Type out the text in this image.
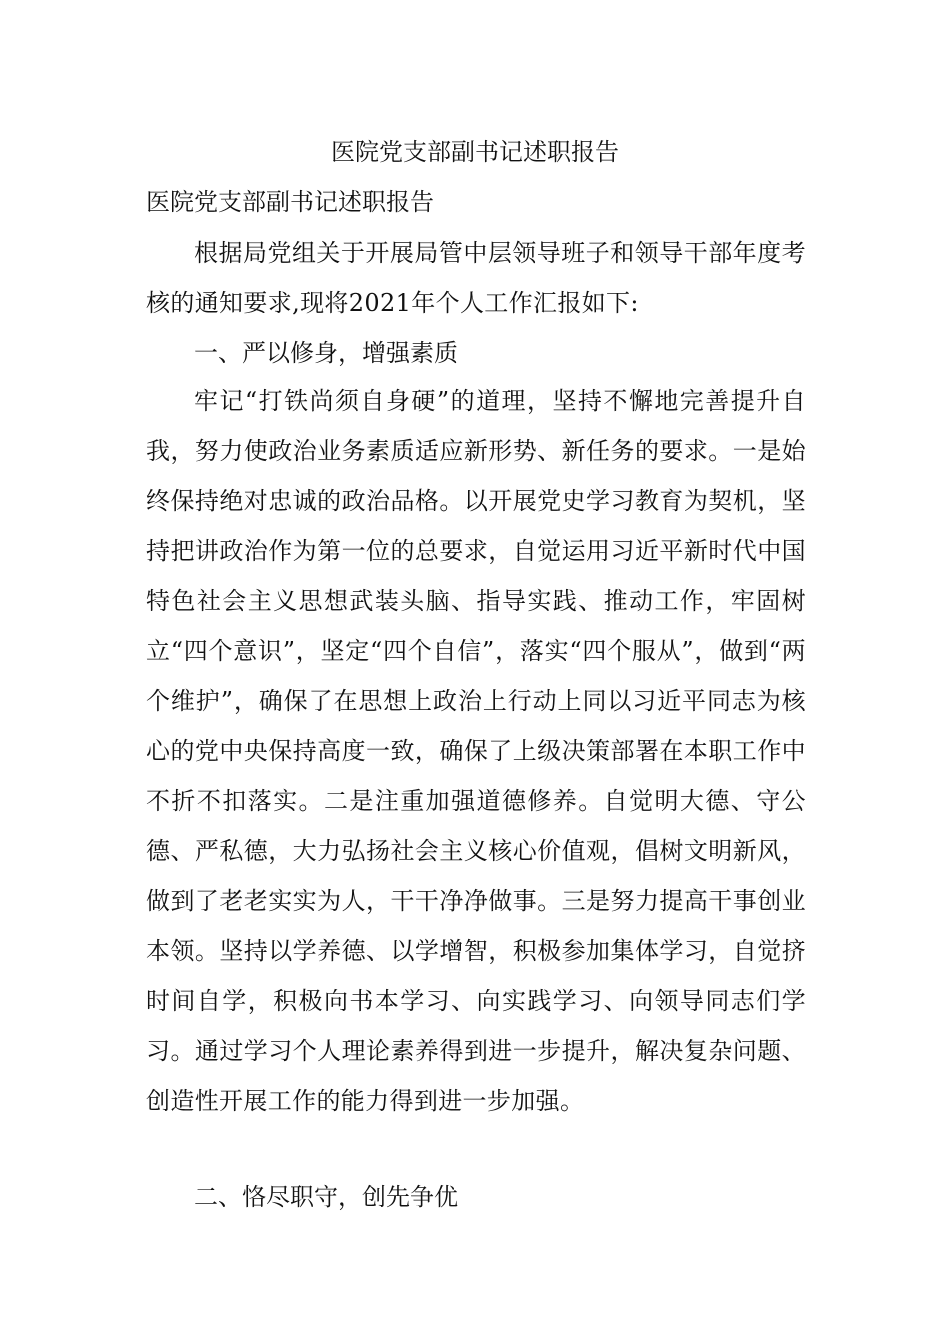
医院党支部副书记述职报告

医院党支部副书记述职报告

根据局党组关于开展局管中层领导班子和领导干部年度考核的通知要求,现将2021年个人工作汇报如下:

一、严以修身，增强素质

牢记“打铁尚须自身硬”的道理，坚持不懈地完善提升自我，努力使政治业务素质适应新形势、新任务的要求。一是始终保持绝对忠诚的政治品格。以开展党史学习教育为契机，坚持把讲政治作为第一位的总要求，自觉运用习近平新时代中国特色社会主义思想武装头脑、指导实践、推动工作，牢固树立“四个意识”，坚定“四个自信”，落实“四个服从”，做到“两个维护”，确保了在思想上政治上行动上同以习近平同志为核心的党中央保持高度一致，确保了上级决策部署在本职工作中不折不扣落实。二是注重加强道德修养。自觉明大德、守公德、严私德，大力弘扬社会主义核心价值观，倡树文明新风，做到了老老实实为人，干干净净做事。三是努力提高干事创业本领。坚持以学养德、以学增智，积极参加集体学习，自觉挤时间自学，积极向书本学习、向实践学习、向领导同志们学习。通过学习个人理论素养得到进一步提升，解决复杂问题、创造性开展工作的能力得到进一步加强。

二、恪尽职守，创先争优
